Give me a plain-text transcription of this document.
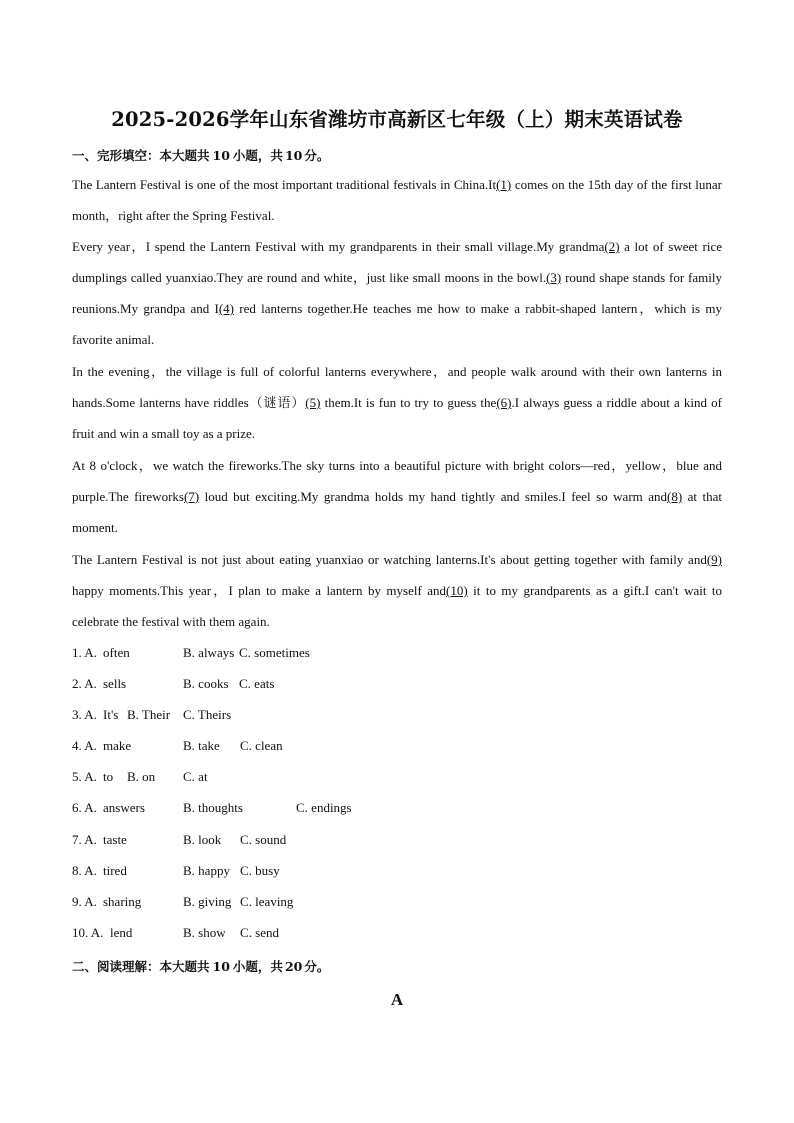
2025-2026学年山东省潍坊市高新区七年级（上）期末英语试卷
一、完形填空：本大题共 10 小题，共 10 分。
The Lantern Festival is one of the most important traditional festivals in China.It(1) comes on the 15th day of the first lunar month，right after the Spring Festival.
Every year，I spend the Lantern Festival with my grandparents in their small village.My grandma(2) a lot of sweet rice dumplings called yuanxiao.They are round and white，just like small moons in the bowl.(3) round shape stands for family reunions.My grandpa and I(4) red lanterns together.He teaches me how to make a rabbit-shaped lantern，which is my favorite animal.
In the evening，the village is full of colorful lanterns everywhere，and people walk around with their own lanterns in hands.Some lanterns have riddles（谜语）(5) them.It is fun to try to guess the(6).I always guess a riddle about a kind of fruit and win a small toy as a prize.
At 8 o'clock，we watch the fireworks.The sky turns into a beautiful picture with bright colors—red，yellow，blue and purple.The fireworks(7) loud but exciting.My grandma holds my hand tightly and smiles.I feel so warm and(8) at that moment.
The Lantern Festival is not just about eating yuanxiao or watching lanterns.It's about getting together with family and(9) happy moments.This year，I plan to make a lantern by myself and(10) it to my grandparents as a gift.I can't wait to celebrate the festival with them again.
1. A. often	B. always C. sometimes
2. A. sells	B. cooks C. eats
3. A. It's B. Their C. Theirs
4. A. make	B. take C. clean
5. A. to B. on C. at
6. A. answers	B. thoughts	C. endings
7. A. taste	B. look C. sound
8. A. tired	B. happy C. busy
9. A. sharing	B. giving C. leaving
10. A. lend	B. show C. send
二、阅读理解：本大题共 10 小题，共 20 分。
A
